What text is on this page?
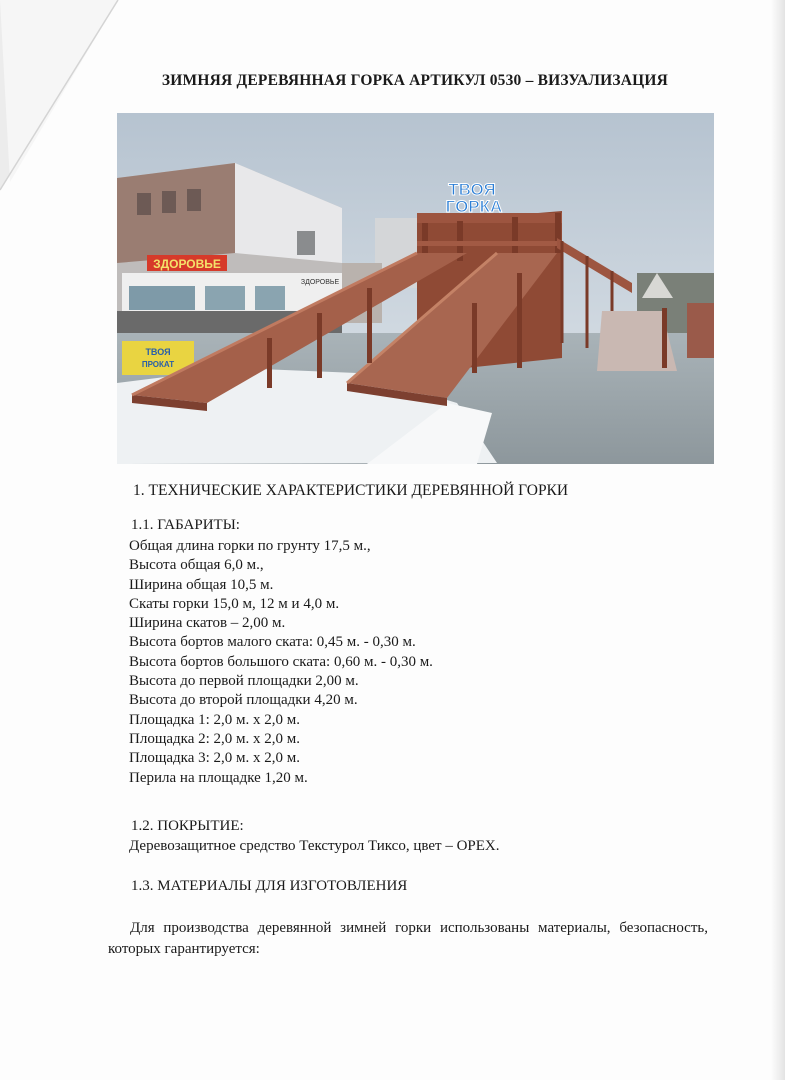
ЗИМНЯЯ ДЕРЕВЯННАЯ ГОРКА АРТИКУЛ 0530 – ВИЗУАЛИЗАЦИЯ
ЗДОРОВЬЕ
ЗДОРОВЬЕ
ТВОЯ
ПРОКАТ
ТВОЯ
ГОРКА
1. ТЕХНИЧЕСКИЕ ХАРАКТЕРИСТИКИ ДЕРЕВЯННОЙ ГОРКИ
1.1. ГАБАРИТЫ:
Общая длина горки по грунту 17,5 м.,
Высота общая 6,0 м.,
Ширина общая 10,5 м.
Скаты горки 15,0 м, 12 м и 4,0 м.
Ширина скатов – 2,00 м.
Высота бортов малого ската: 0,45 м. - 0,30 м.
Высота бортов большого ската: 0,60 м. - 0,30 м.
Высота до первой площадки 2,00 м.
Высота до второй площадки 4,20 м.
Площадка 1: 2,0 м. х 2,0 м.
Площадка 2: 2,0 м. х 2,0 м.
Площадка 3: 2,0 м. х 2,0 м.
Перила на площадке 1,20 м.
1.2. ПОКРЫТИЕ:
Деревозащитное средство Текстурол Тиксо, цвет – ОРЕХ.
1.3. МАТЕРИАЛЫ ДЛЯ ИЗГОТОВЛЕНИЯ
Для производства деревянной зимней горки использованы материалы, безопасность, которых гарантируется:
